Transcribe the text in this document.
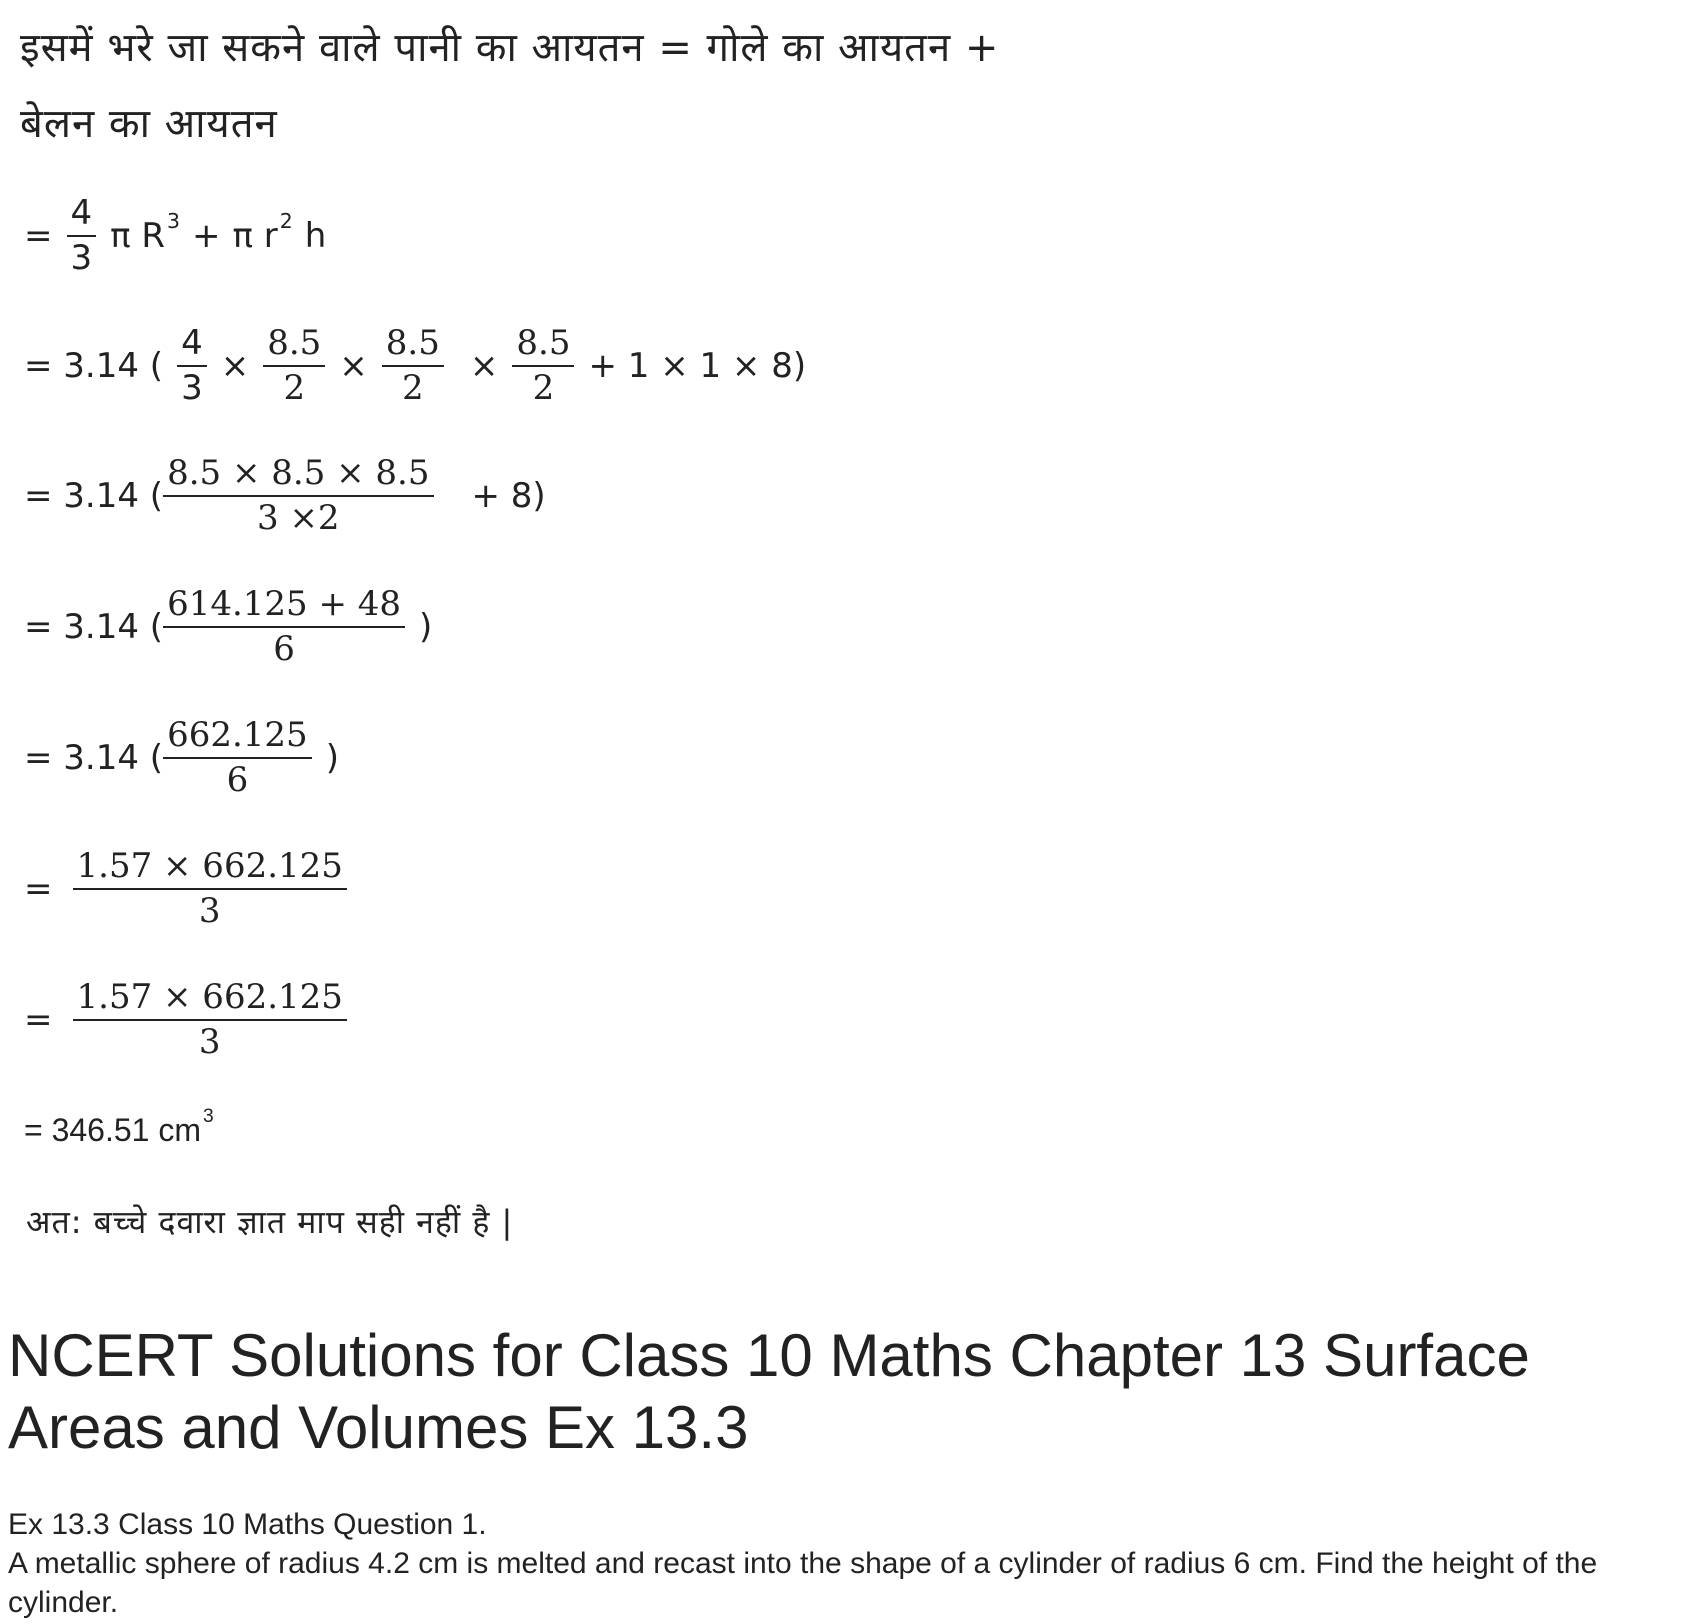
इसमें भरे जा सकने वाले पानी का आयतन = गोले का आयतन +
बेलन का आयतन
= $\frac{4}{3}$ π R 3 + π r 2 h
= 3.14 ( $\frac{4}{3} \times \frac{8.5}{2} \times \frac{8.5}{2} \times \frac{8.5}{2} + 1 \times 1 \times 8$)
= 3.14 ( $\frac{8.5 \times 8.5 \times 8.5}{3 \times 2} + 8$)
= 3.14 ( $\frac{614.125 + 48}{6}$ )
= 3.14 ( $\frac{662.125}{6}$ )
= $\frac{1.57 \times 662.125}{3}$
= $\frac{1.57 \times 662.125}{3}$
= 346.51 cm 3
अत: बच्चे दवारा ज्ञात माप सही नहीं है |
NCERT Solutions for Class 10 Maths Chapter 13 Surface Areas and Volumes Ex 13.3
Ex 13.3 Class 10 Maths Question 1.
A metallic sphere of radius 4.2 cm is melted and recast into the shape of a cylinder of radius 6 cm. Find the height of the cylinder.
